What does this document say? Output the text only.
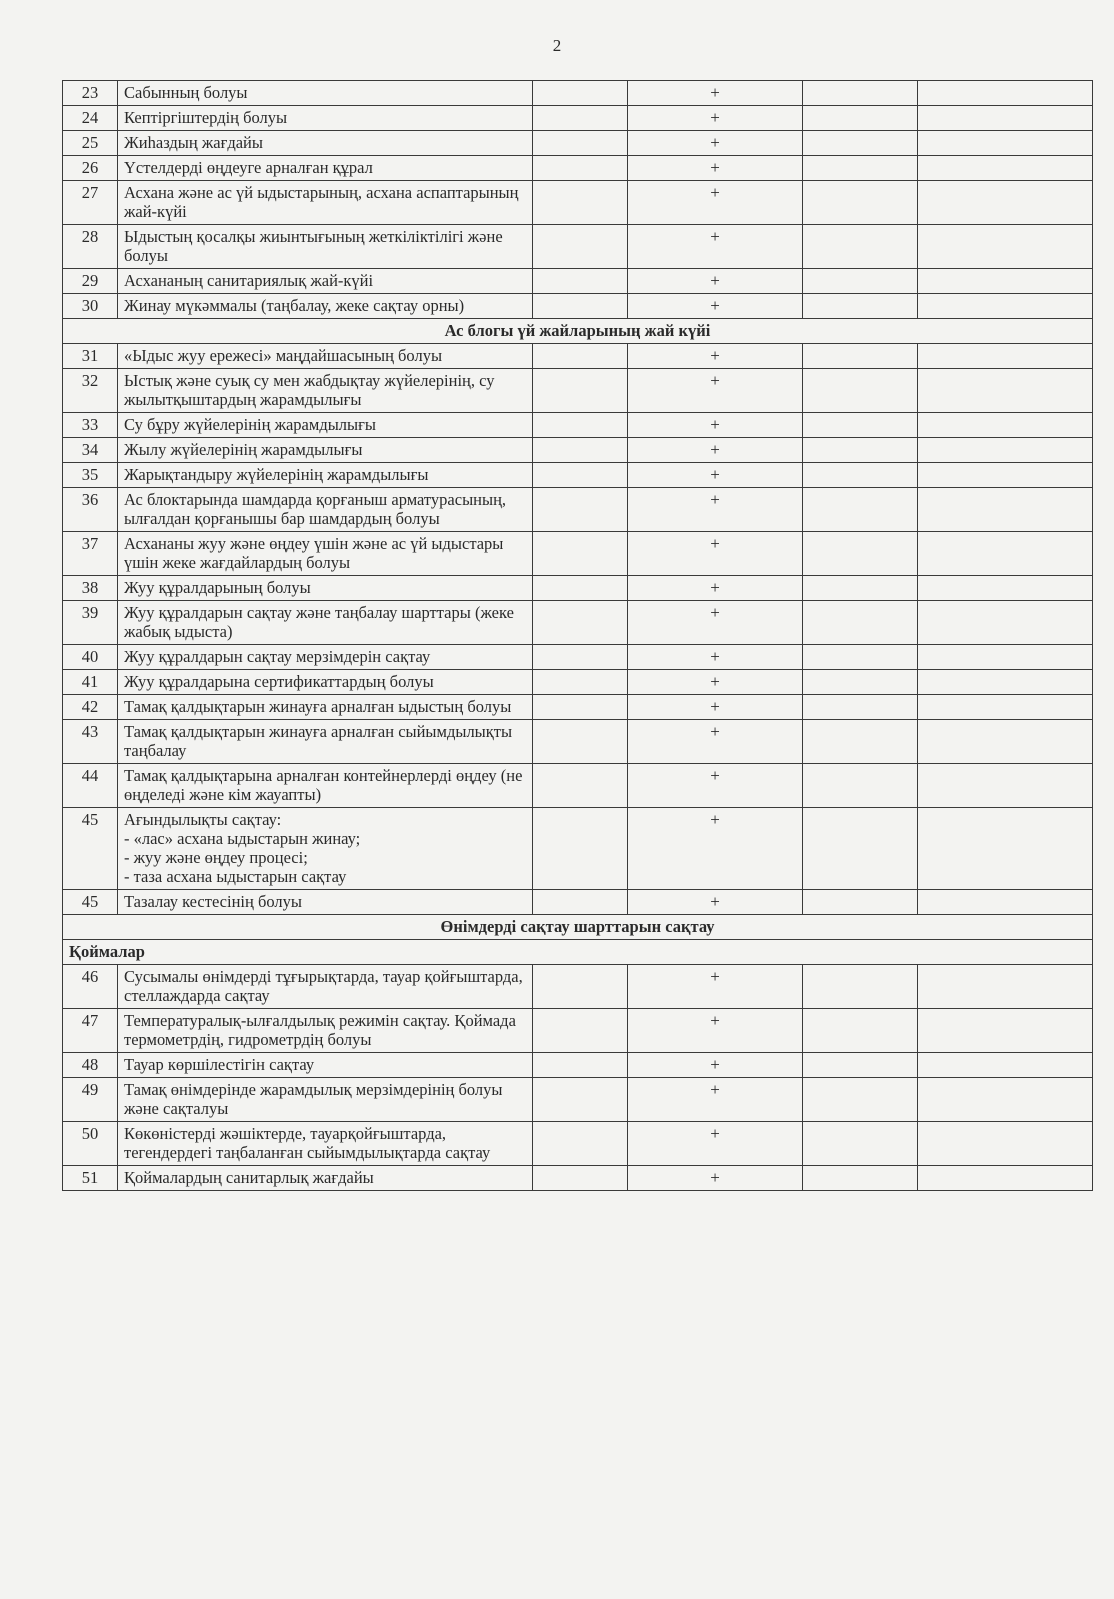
2
23	Сабынның болуы		+		
24	Кептіргіштердің болуы		+		
25	Жиhаздың жағдайы		+		
26	Үстелдерді өңдеуге арналған құрал		+		
27	Асхана және ас үй ыдыстарының, асхана аспаптарының жай-күйі		+		
28	Ыдыстың қосалқы жиынтығының жеткіліктілігі және болуы		+		
29	Асхананың санитариялық жай-күйі		+		
30	Жинау мүкәммалы (таңбалау, жеке сақтау орны)		+		
Ас блогы үй жайларының жай күйі					
31	«Ыдыс жуу ережесі» маңдайшасының болуы		+		
32	Ыстық және суық су мен жабдықтау жүйелерінің, су жылытқыштардың жарамдылығы		+		
33	Су бұру жүйелерінің жарамдылығы		+		
34	Жылу жүйелерінің жарамдылығы		+		
35	Жарықтандыру жүйелерінің жарамдылығы		+		
36	Ас блоктарында шамдарда қорғаныш арматурасының, ылғалдан қорғанышы бар шамдардың болуы		+		
37	Асхананы жуу және өңдеу үшін және ас үй ыдыстары үшін жеке жағдайлардың болуы		+		
38	Жуу құралдарының болуы		+		
39	Жуу құралдарын сақтау және таңбалау шарттары (жеке жабық ыдыста)		+		
40	Жуу құралдарын сақтау мерзімдерін сақтау		+		
41	Жуу құралдарына сертификаттардың болуы		+		
42	Тамақ қалдықтарын жинауға арналған ыдыстың болуы		+		
43	Тамақ қалдықтарын жинауға арналған сыйымдылықты таңбалау		+		
44	Тамақ қалдықтарына арналған контейнерлерді өңдеу (не өңделеді және кім жауапты)		+		
45	Ағындылықты сақтау:
- «лас» асхана ыдыстарын жинау;
- жуу және өңдеу процесі;
- таза асхана ыдыстарын сақтау		+		
45	Тазалау кестесінің болуы		+		
Өнімдерді сақтау шарттарын сақтау					
Қоймалар					
46	Сусымалы өнімдерді тұғырықтарда, тауар қойғыштарда, стеллаждарда сақтау		+		
47	Температуралық-ылғалдылық режимін сақтау. Қоймада термометрдің, гидрометрдің болуы		+		
48	Тауар көршілестігін сақтау		+		
49	Тамақ өнімдерінде жарамдылық мерзімдерінің болуы және сақталуы		+		
50	Көкөністерді жәшіктерде, тауарқойғыштарда, тегендердегі таңбаланған сыйымдылықтарда сақтау		+		
51	Қоймалардың санитарлық жағдайы		+		
